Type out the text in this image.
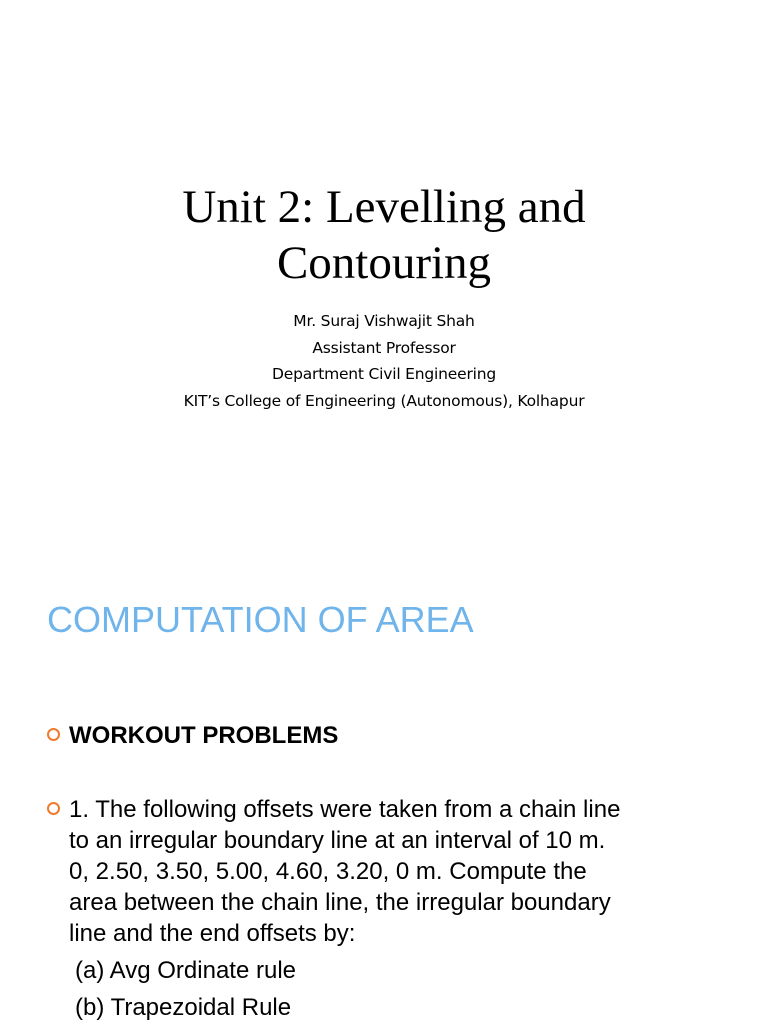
Unit 2: Levelling and
Contouring
Mr. Suraj Vishwajit Shah
Assistant Professor
Department Civil Engineering
KIT’s College of Engineering (Autonomous), Kolhapur
COMPUTATION OF AREA
WORKOUT PROBLEMS
1. The following offsets were taken from a chain line
to an irregular boundary line at an interval of 10 m.
0, 2.50, 3.50, 5.00, 4.60, 3.20, 0 m. Compute the
area between the chain line, the irregular boundary
line and the end offsets by:
(a) Avg Ordinate rule
(b) Trapezoidal Rule
